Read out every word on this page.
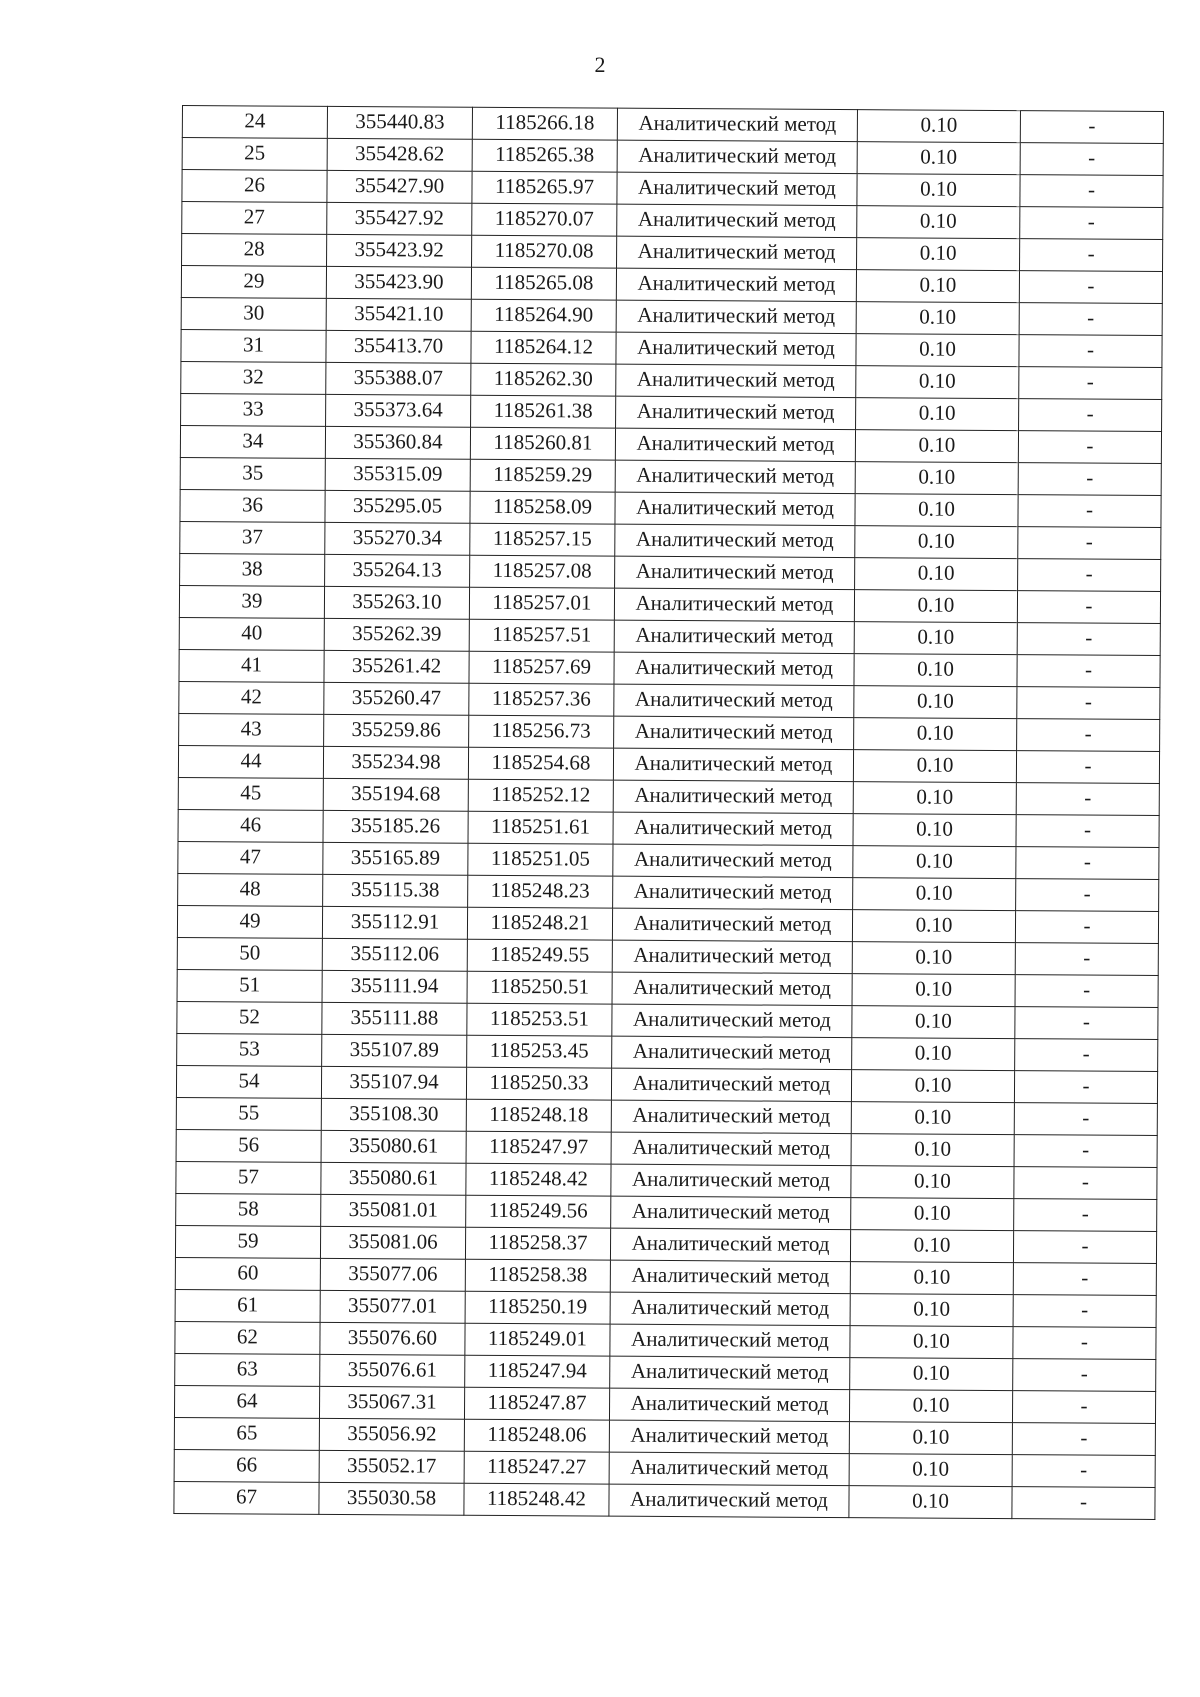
2
24	355440.83	1185266.18	Аналитический метод	0.10	-
25	355428.62	1185265.38	Аналитический метод	0.10	-
26	355427.90	1185265.97	Аналитический метод	0.10	-
27	355427.92	1185270.07	Аналитический метод	0.10	-
28	355423.92	1185270.08	Аналитический метод	0.10	-
29	355423.90	1185265.08	Аналитический метод	0.10	-
30	355421.10	1185264.90	Аналитический метод	0.10	-
31	355413.70	1185264.12	Аналитический метод	0.10	-
32	355388.07	1185262.30	Аналитический метод	0.10	-
33	355373.64	1185261.38	Аналитический метод	0.10	-
34	355360.84	1185260.81	Аналитический метод	0.10	-
35	355315.09	1185259.29	Аналитический метод	0.10	-
36	355295.05	1185258.09	Аналитический метод	0.10	-
37	355270.34	1185257.15	Аналитический метод	0.10	-
38	355264.13	1185257.08	Аналитический метод	0.10	-
39	355263.10	1185257.01	Аналитический метод	0.10	-
40	355262.39	1185257.51	Аналитический метод	0.10	-
41	355261.42	1185257.69	Аналитический метод	0.10	-
42	355260.47	1185257.36	Аналитический метод	0.10	-
43	355259.86	1185256.73	Аналитический метод	0.10	-
44	355234.98	1185254.68	Аналитический метод	0.10	-
45	355194.68	1185252.12	Аналитический метод	0.10	-
46	355185.26	1185251.61	Аналитический метод	0.10	-
47	355165.89	1185251.05	Аналитический метод	0.10	-
48	355115.38	1185248.23	Аналитический метод	0.10	-
49	355112.91	1185248.21	Аналитический метод	0.10	-
50	355112.06	1185249.55	Аналитический метод	0.10	-
51	355111.94	1185250.51	Аналитический метод	0.10	-
52	355111.88	1185253.51	Аналитический метод	0.10	-
53	355107.89	1185253.45	Аналитический метод	0.10	-
54	355107.94	1185250.33	Аналитический метод	0.10	-
55	355108.30	1185248.18	Аналитический метод	0.10	-
56	355080.61	1185247.97	Аналитический метод	0.10	-
57	355080.61	1185248.42	Аналитический метод	0.10	-
58	355081.01	1185249.56	Аналитический метод	0.10	-
59	355081.06	1185258.37	Аналитический метод	0.10	-
60	355077.06	1185258.38	Аналитический метод	0.10	-
61	355077.01	1185250.19	Аналитический метод	0.10	-
62	355076.60	1185249.01	Аналитический метод	0.10	-
63	355076.61	1185247.94	Аналитический метод	0.10	-
64	355067.31	1185247.87	Аналитический метод	0.10	-
65	355056.92	1185248.06	Аналитический метод	0.10	-
66	355052.17	1185247.27	Аналитический метод	0.10	-
67	355030.58	1185248.42	Аналитический метод	0.10	-
